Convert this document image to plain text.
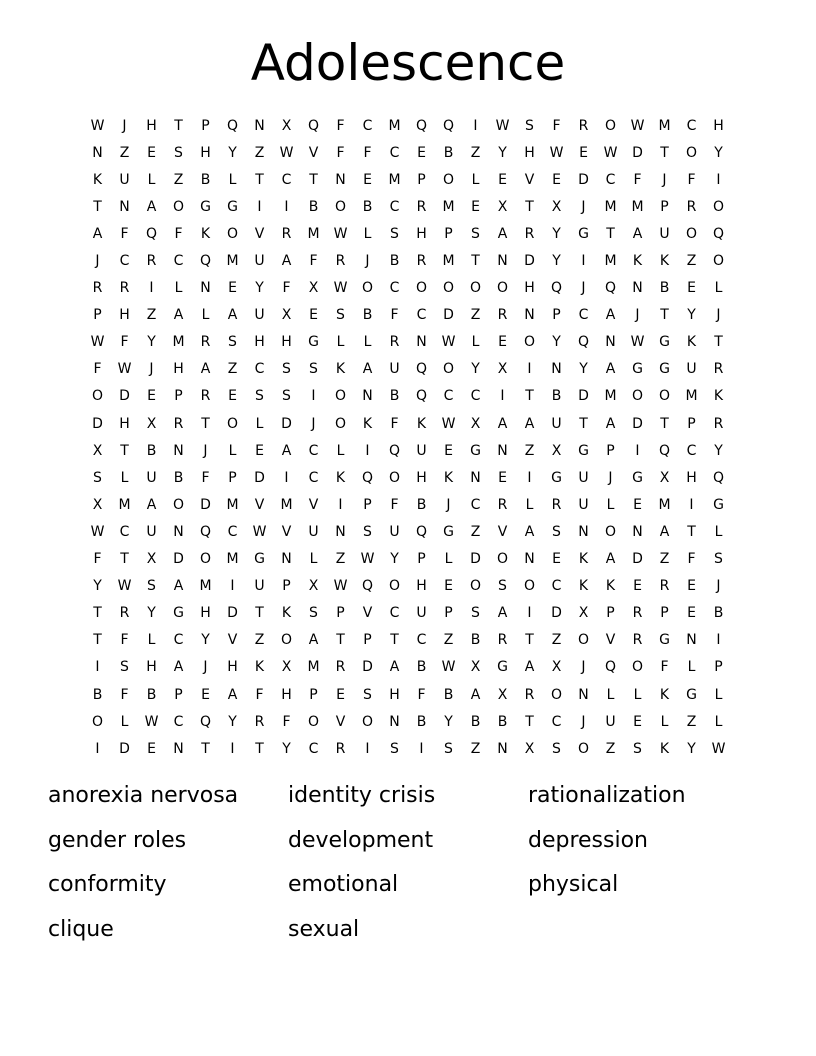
Adolescence
W	J	H	T	P	Q	N	X	Q	F	C	M	Q	Q	I	W	S	F	R	O	W	M	C	H
N	Z	E	S	H	Y	Z	W	V	F	F	C	E	B	Z	Y	H	W	E	W	D	T	O	Y
K	U	L	Z	B	L	T	C	T	N	E	M	P	O	L	E	V	E	D	C	F	J	F	I
T	N	A	O	G	G	I	I	B	O	B	C	R	M	E	X	T	X	J	M	M	P	R	O
A	F	Q	F	K	O	V	R	M	W	L	S	H	P	S	A	R	Y	G	T	A	U	O	Q
J	C	R	C	Q	M	U	A	F	R	J	B	R	M	T	N	D	Y	I	M	K	K	Z	O
R	R	I	L	N	E	Y	F	X	W	O	C	O	O	O	O	H	Q	J	Q	N	B	E	L
P	H	Z	A	L	A	U	X	E	S	B	F	C	D	Z	R	N	P	C	A	J	T	Y	J
W	F	Y	M	R	S	H	H	G	L	L	R	N	W	L	E	O	Y	Q	N	W	G	K	T
F	W	J	H	A	Z	C	S	S	K	A	U	Q	O	Y	X	I	N	Y	A	G	G	U	R
O	D	E	P	R	E	S	S	I	O	N	B	Q	C	C	I	T	B	D	M	O	O	M	K
D	H	X	R	T	O	L	D	J	O	K	F	K	W	X	A	A	U	T	A	D	T	P	R
X	T	B	N	J	L	E	A	C	L	I	Q	U	E	G	N	Z	X	G	P	I	Q	C	Y
S	L	U	B	F	P	D	I	C	K	Q	O	H	K	N	E	I	G	U	J	G	X	H	Q
X	M	A	O	D	M	V	M	V	I	P	F	B	J	C	R	L	R	U	L	E	M	I	G
W	C	U	N	Q	C	W	V	U	N	S	U	Q	G	Z	V	A	S	N	O	N	A	T	L
F	T	X	D	O	M	G	N	L	Z	W	Y	P	L	D	O	N	E	K	A	D	Z	F	S
Y	W	S	A	M	I	U	P	X	W	Q	O	H	E	O	S	O	C	K	K	E	R	E	J
T	R	Y	G	H	D	T	K	S	P	V	C	U	P	S	A	I	D	X	P	R	P	E	B
T	F	L	C	Y	V	Z	O	A	T	P	T	C	Z	B	R	T	Z	O	V	R	G	N	I
I	S	H	A	J	H	K	X	M	R	D	A	B	W	X	G	A	X	J	Q	O	F	L	P
B	F	B	P	E	A	F	H	P	E	S	H	F	B	A	X	R	O	N	L	L	K	G	L
O	L	W	C	Q	Y	R	F	O	V	O	N	B	Y	B	B	T	C	J	U	E	L	Z	L
I	D	E	N	T	I	T	Y	C	R	I	S	I	S	Z	N	X	S	O	Z	S	K	Y	W
anorexia nervosa	identity crisis	rationalization
gender roles	development	depression
conformity	emotional	physical
clique	sexual
